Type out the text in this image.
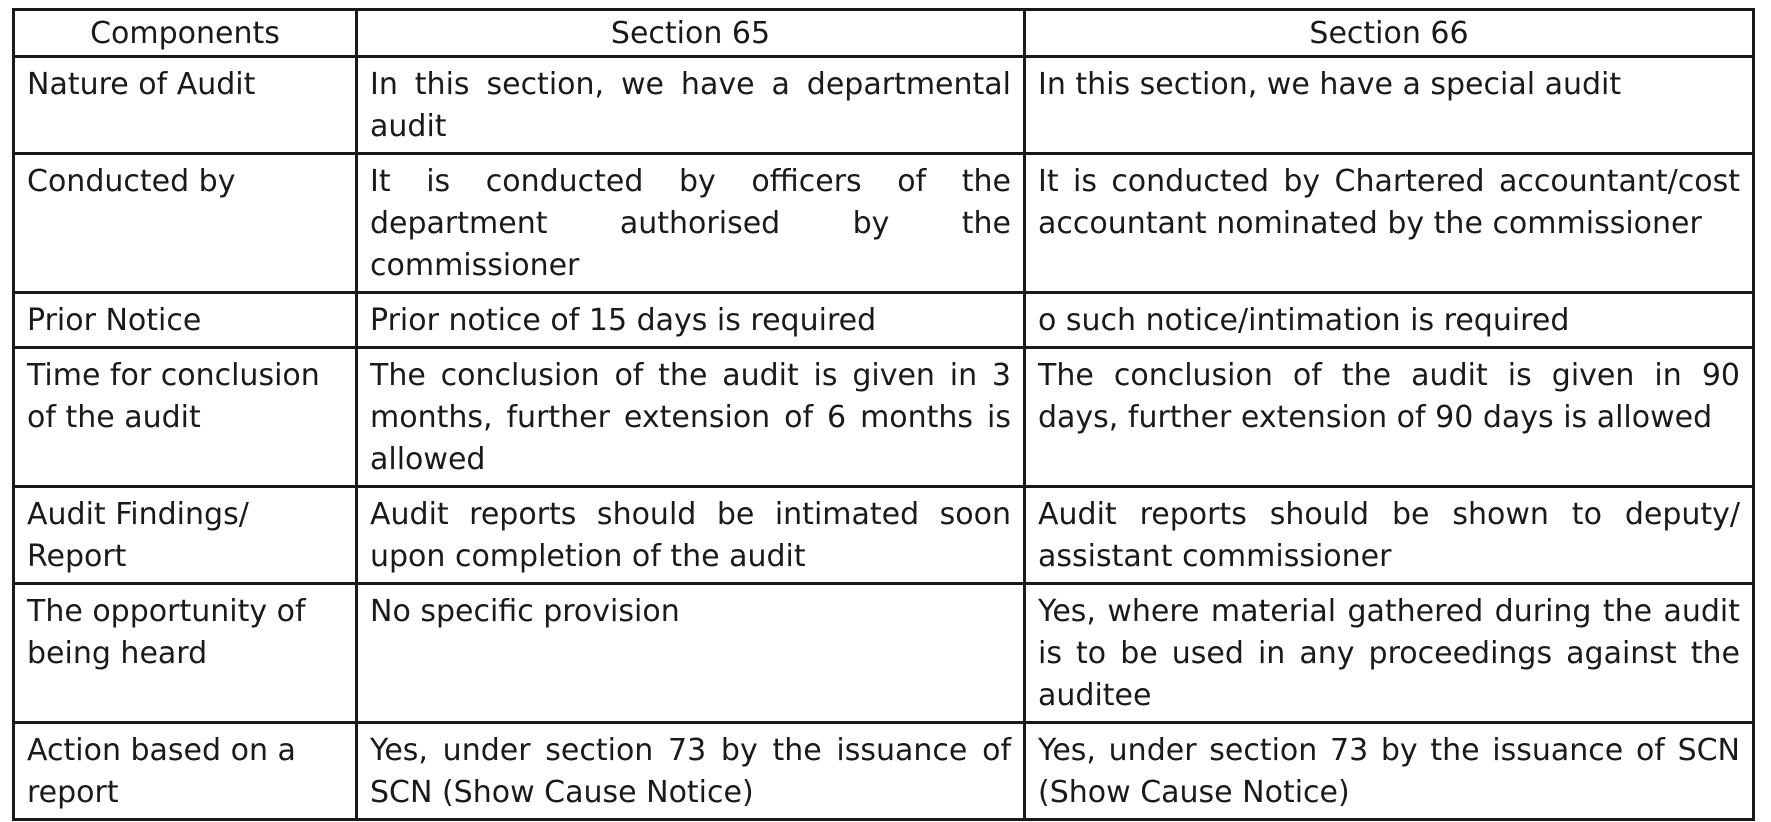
Components	Section 65	Section 66
Nature of Audit	In this section, we have a departmental audit	In this section, we have a special audit
Conducted by	It is conducted by officers of the department authorised by the commissioner	It is conducted by Chartered accountant/cost accountant nominated by the commissioner
Prior Notice	Prior notice of 15 days is required	o such notice/intimation is required
Time for conclusion of the audit	The conclusion of the audit is given in 3 months, further extension of 6 months is allowed	The conclusion of the audit is given in 90 days, further extension of 90 days is allowed
Audit Findings/ Report	Audit reports should be intimated soon upon completion of the audit	Audit reports should be shown to deputy/ assistant commissioner
The opportunity of being heard	No specific provision	Yes, where material gathered during the audit is to be used in any proceedings against the auditee
Action based on a report	Yes, under section 73 by the issuance of SCN (Show Cause Notice)	Yes, under section 73 by the issuance of SCN (Show Cause Notice)
